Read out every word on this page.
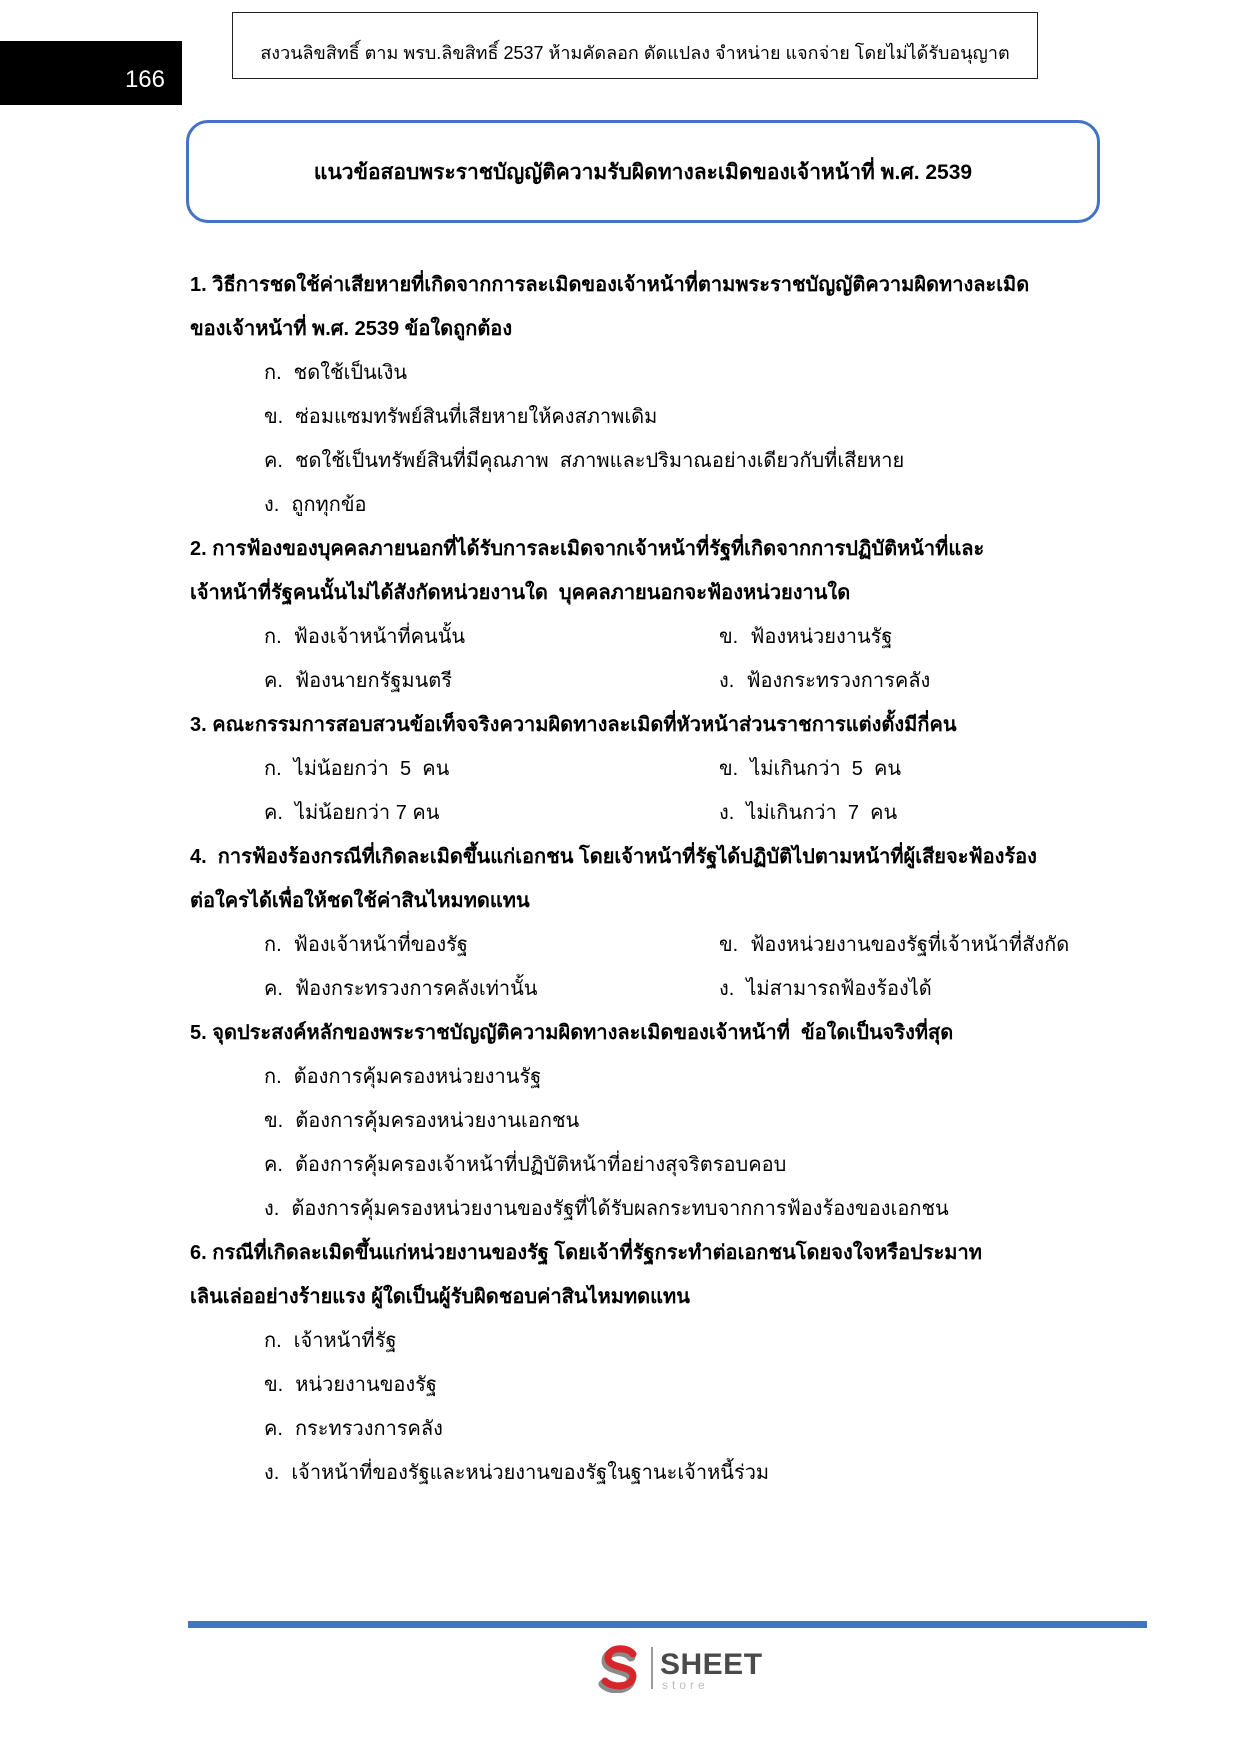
166
สงวนลิขสิทธิ์ ตาม พรบ.ลิขสิทธิ์ 2537 ห้ามคัดลอก ดัดแปลง จำหน่าย แจกจ่าย โดยไม่ได้รับอนุญาต
แนวข้อสอบพระราชบัญญัติความรับผิดทางละเมิดของเจ้าหน้าที่ พ.ศ. 2539
1. วิธีการชดใช้ค่าเสียหายที่เกิดจากการละเมิดของเจ้าหน้าที่ตามพระราชบัญญัติความผิดทางละเมิด
ของเจ้าหน้าที่ พ.ศ. 2539 ข้อใดถูกต้อง
ก. ชดใช้เป็นเงิน
ข. ซ่อมแซมทรัพย์สินที่เสียหายให้คงสภาพเดิม
ค. ชดใช้เป็นทรัพย์สินที่มีคุณภาพ  สภาพและปริมาณอย่างเดียวกับที่เสียหาย
ง. ถูกทุกข้อ
2. การฟ้องของบุคคลภายนอกที่ได้รับการละเมิดจากเจ้าหน้าที่รัฐที่เกิดจากการปฏิบัติหน้าที่และ
เจ้าหน้าที่รัฐคนนั้นไม่ได้สังกัดหน่วยงานใด  บุคคลภายนอกจะฟ้องหน่วยงานใด
ก. ฟ้องเจ้าหน้าที่คนนั้น	ข. ฟ้องหน่วยงานรัฐ
ค. ฟ้องนายกรัฐมนตรี	ง. ฟ้องกระทรวงการคลัง
3. คณะกรรมการสอบสวนข้อเท็จจริงความผิดทางละเมิดที่หัวหน้าส่วนราชการแต่งตั้งมีกี่คน
ก. ไม่น้อยกว่า  5  คน	ข. ไม่เกินกว่า  5  คน
ค. ไม่น้อยกว่า 7 คน	ง. ไม่เกินกว่า  7  คน
4.  การฟ้องร้องกรณีที่เกิดละเมิดขึ้นแก่เอกชน โดยเจ้าหน้าที่รัฐได้ปฏิบัติไปตามหน้าที่ผู้เสียจะฟ้องร้อง
ต่อใครได้เพื่อให้ชดใช้ค่าสินไหมทดแทน
ก. ฟ้องเจ้าหน้าที่ของรัฐ	ข. ฟ้องหน่วยงานของรัฐที่เจ้าหน้าที่สังกัด
ค. ฟ้องกระทรวงการคลังเท่านั้น	ง. ไม่สามารถฟ้องร้องได้
5. จุดประสงค์หลักของพระราชบัญญัติความผิดทางละเมิดของเจ้าหน้าที่  ข้อใดเป็นจริงที่สุด
ก. ต้องการคุ้มครองหน่วยงานรัฐ
ข. ต้องการคุ้มครองหน่วยงานเอกชน
ค. ต้องการคุ้มครองเจ้าหน้าที่ปฏิบัติหน้าที่อย่างสุจริตรอบคอบ
ง. ต้องการคุ้มครองหน่วยงานของรัฐที่ได้รับผลกระทบจากการฟ้องร้องของเอกชน
6. กรณีที่เกิดละเมิดขึ้นแก่หน่วยงานของรัฐ โดยเจ้าที่รัฐกระทำต่อเอกชนโดยจงใจหรือประมาท
เลินเล่ออย่างร้ายแรง ผู้ใดเป็นผู้รับผิดชอบค่าสินไหมทดแทน
ก. เจ้าหน้าที่รัฐ
ข. หน่วยงานของรัฐ
ค. กระทรวงการคลัง
ง. เจ้าหน้าที่ของรัฐและหน่วยงานของรัฐในฐานะเจ้าหนี้ร่วม
SHEET
store
